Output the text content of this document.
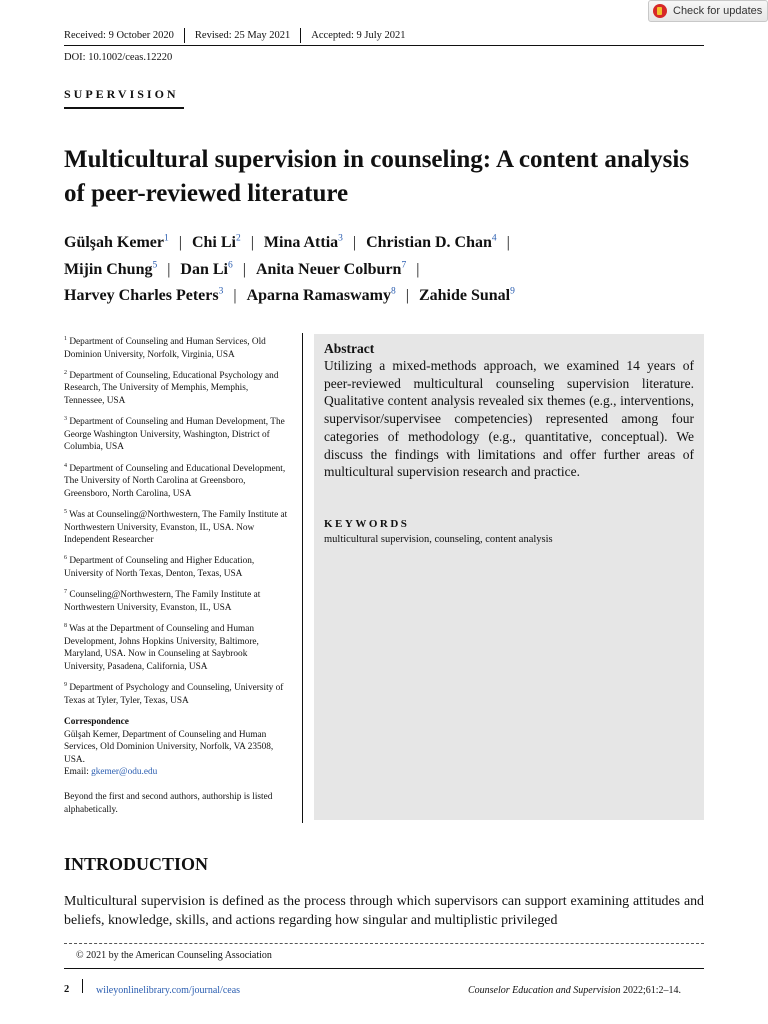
Check for updates
Received: 9 October 2020	Revised: 25 May 2021	Accepted: 9 July 2021
DOI: 10.1002/ceas.12220
SUPERVISION
Multicultural supervision in counseling: A content analysis of peer-reviewed literature
Gülşah Kemer$^1$ | Chi Li$^2$ | Mina Attia$^3$ | Christian D. Chan$^4$ |
Mijin Chung$^5$ | Dan Li$^6$ | Anita Neuer Colburn$^7$ |
Harvey Charles Peters$^3$ | Aparna Ramaswamy$^8$ | Zahide Sunal$^9$

$^1$ Department of Counseling and Human Services, Old Dominion University, Norfolk, Virginia, USA

$^2$ Department of Counseling, Educational Psychology and Research, The University of Memphis, Memphis, Tennessee, USA

$^3$ Department of Counseling and Human Development, The George Washington University, Washington, District of Columbia, USA

$^4$ Department of Counseling and Educational Development, The University of North Carolina at Greensboro, Greensboro, North Carolina, USA

$^5$ Was at Counseling@Northwestern, The Family Institute at Northwestern University, Evanston, IL, USA. Now Independent Researcher

$^6$ Department of Counseling and Higher Education, University of North Texas, Denton, Texas, USA

$^7$ Counseling@Northwestern, The Family Institute at Northwestern University, Evanston, IL, USA

$^8$ Was at the Department of Counseling and Human Development, Johns Hopkins University, Baltimore, Maryland, USA. Now in Counseling at Saybrook University, Pasadena, California, USA

$^9$ Department of Psychology and Counseling, University of Texas at Tyler, Tyler, Texas, USA

Correspondence
Gülşah Kemer, Department of Counseling and Human Services, Old Dominion University, Norfolk, VA 23508, USA.
Email: gkemer@odu.edu

Beyond the first and second authors, authorship is listed alphabetically.

Abstract
Utilizing a mixed-methods approach, we examined 14 years of peer-reviewed multicultural counseling supervision literature. Qualitative content analysis revealed six themes (e.g., interventions, supervisor/supervisee competencies) represented among four categories of methodology (e.g., quantitative, conceptual). We discuss the findings with limitations and offer further areas of multicultural supervision research and practice.
KEYWORDS
multicultural supervision, counseling, content analysis
INTRODUCTION
Multicultural supervision is defined as the process through which supervisors can support examining attitudes and beliefs, knowledge, skills, and actions regarding how singular and multiplistic privileged
© 2021 by the American Counseling Association
2	wileyonlinelibrary.com/journal/ceas	Counselor Education and Supervision 2022;61:2–14.
